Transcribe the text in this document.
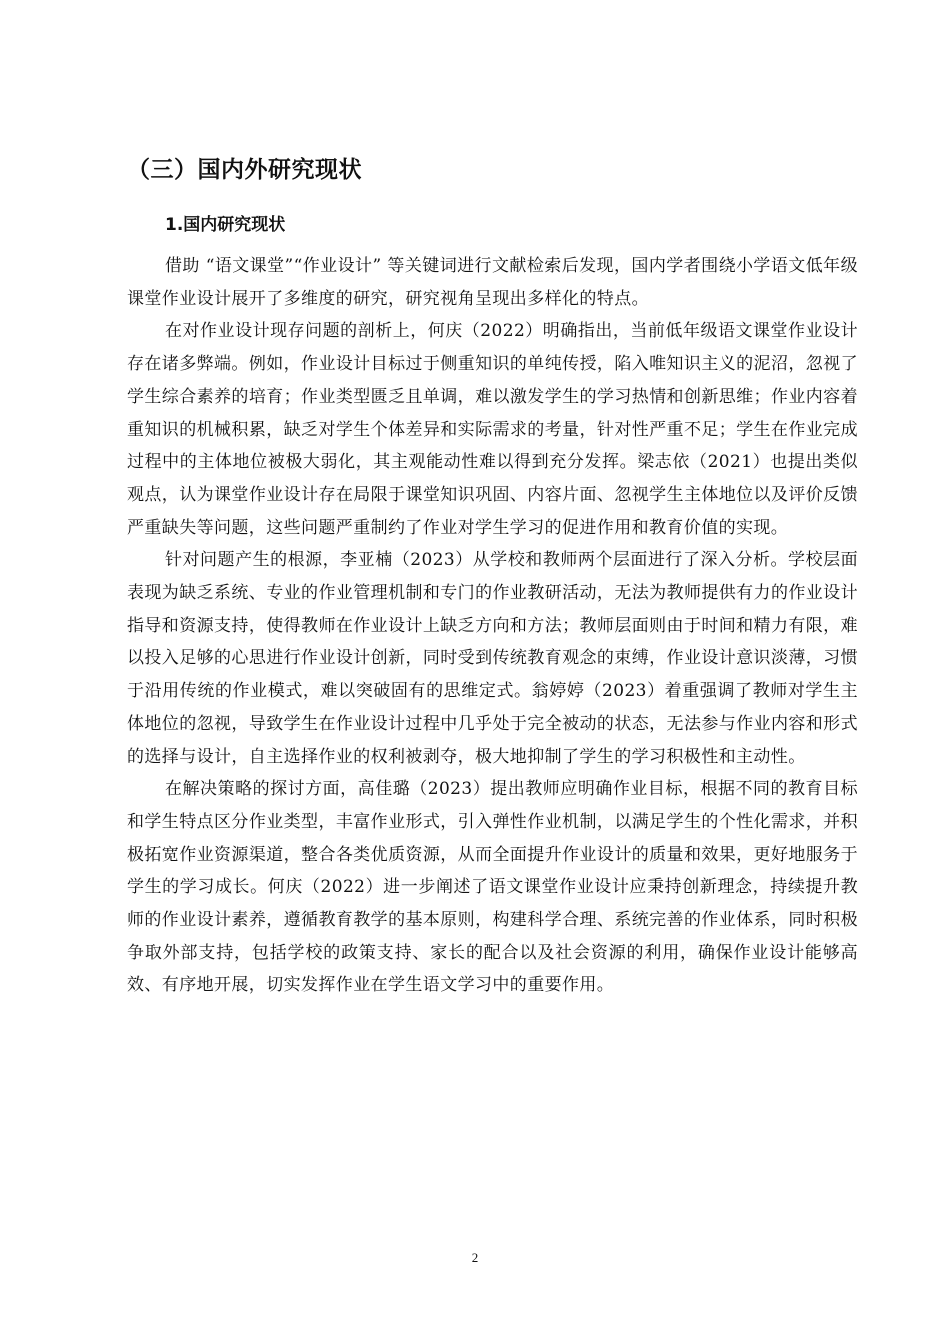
（三）国内外研究现状
1.国内研究现状

借助 “语文课堂”“作业设计” 等关键词进行文献检索后发现，国内学者围绕小学语文低年级课堂作业设计展开了多维度的研究，研究视角呈现出多样化的特点。

在对作业设计现存问题的剖析上，何庆（2022）明确指出，当前低年级语文课堂作业设计存在诸多弊端。例如，作业设计目标过于侧重知识的单纯传授，陷入唯知识主义的泥沼，忽视了学生综合素养的培育；作业类型匮乏且单调，难以激发学生的学习热情和创新思维；作业内容着重知识的机械积累，缺乏对学生个体差异和实际需求的考量，针对性严重不足；学生在作业完成过程中的主体地位被极大弱化，其主观能动性难以得到充分发挥。梁志依（2021）也提出类似观点，认为课堂作业设计存在局限于课堂知识巩固、内容片面、忽视学生主体地位以及评价反馈严重缺失等问题，这些问题严重制约了作业对学生学习的促进作用和教育价值的实现。

针对问题产生的根源，李亚楠（2023）从学校和教师两个层面进行了深入分析。学校层面表现为缺乏系统、专业的作业管理机制和专门的作业教研活动，无法为教师提供有力的作业设计指导和资源支持，使得教师在作业设计上缺乏方向和方法；教师层面则由于时间和精力有限，难以投入足够的心思进行作业设计创新，同时受到传统教育观念的束缚，作业设计意识淡薄，习惯于沿用传统的作业模式，难以突破固有的思维定式。翁婷婷（2023）着重强调了教师对学生主体地位的忽视，导致学生在作业设计过程中几乎处于完全被动的状态，无法参与作业内容和形式的选择与设计，自主选择作业的权利被剥夺，极大地抑制了学生的学习积极性和主动性。

在解决策略的探讨方面，高佳璐（2023）提出教师应明确作业目标，根据不同的教育目标和学生特点区分作业类型，丰富作业形式，引入弹性作业机制，以满足学生的个性化需求，并积极拓宽作业资源渠道，整合各类优质资源，从而全面提升作业设计的质量和效果，更好地服务于学生的学习成长。何庆（2022）进一步阐述了语文课堂作业设计应秉持创新理念，持续提升教师的作业设计素养，遵循教育教学的基本原则，构建科学合理、系统完善的作业体系，同时积极争取外部支持，包括学校的政策支持、家长的配合以及社会资源的利用，确保作业设计能够高效、有序地开展，切实发挥作业在学生语文学习中的重要作用。

2
